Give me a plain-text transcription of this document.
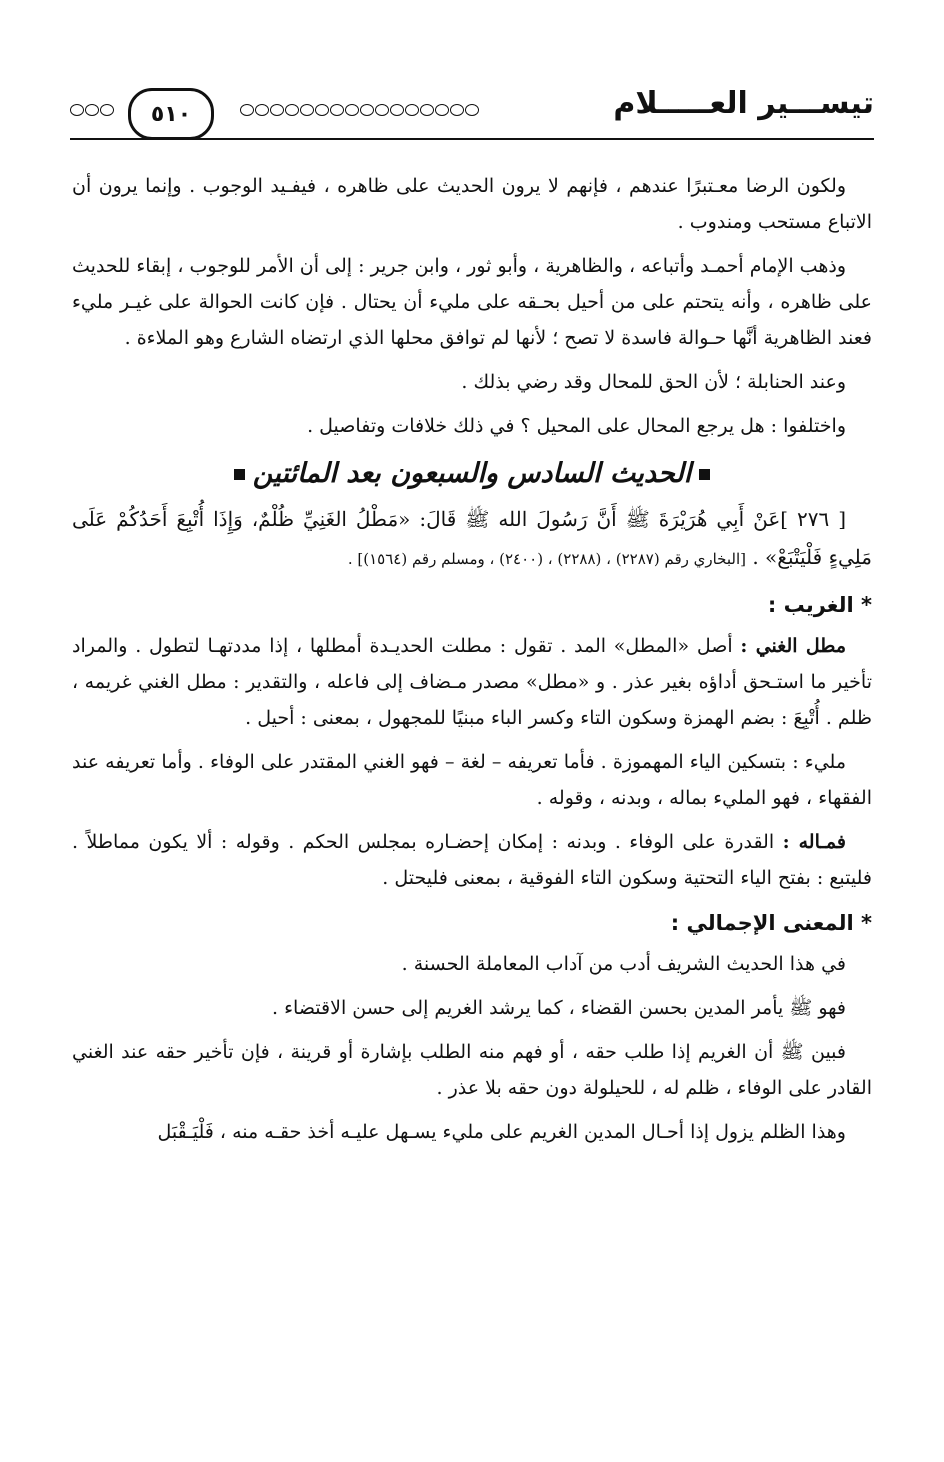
٥١٠	تيســـير العـــــلام

ولكون الرضا معـتبرًا عندهم ، فإنهم لا يرون الحديث على ظاهره ، فيفـيد الوجوب . وإنما يرون أن الاتباع مستحب ومندوب .

وذهب الإمام أحمـد وأتباعه ، والظاهرية ، وأبو ثور ، وابن جرير : إلى أن الأمر للوجوب ، إبقاء للحديث على ظاهره ، وأنه يتحتم على من أحيل بحـقه على مليء أن يحتال . فإن كانت الحوالة على غيـر مليء فعند الظاهرية أنَّها حـوالة فاسدة لا تصح ؛ لأنها لم توافق محلها الذي ارتضاه الشارع وهو الملاءة .

وعند الحنابلة ؛ لأن الحق للمحال وقد رضي بذلك .

واختلفوا : هل يرجع المحال على المحيل ؟ في ذلك خلافات وتفاصيل .

الحديث السادس والسبعون بعد المائتين

[ ٢٧٦ ]عَنْ أَبِي هُرَيْرَةَ ﷺ أَنَّ رَسُولَ الله ﷺ قَالَ: «مَطْلُ الغَنِيِّ ظُلْمٌ، وَإِذَا أُتْبِعَ أَحَدُكُمْ عَلَى مَلِيءٍ فَلْيَتْبَعْ» . [البخاري رقم (٢٢٨٧) ، (٢٢٨٨) ، (٢٤٠٠) ، ومسلم رقم (١٥٦٤)] .

* الغريب :

مطل الغني : أصل «المطل» المد . تقول : مطلت الحديـدة أمطلها ، إذا مددتهـا لتطول . والمراد تأخير ما استـحق أداؤه بغير عذر . و «مطل» مصدر مـضاف إلى فاعله ، والتقدير : مطل الغني غريمه ، ظلم . أُتْبِعَ : بضم الهمزة وسكون التاء وكسر الباء مبنيًا للمجهول ، بمعنى : أحيل .

مليء : بتسكين الياء المهموزة . فأما تعريفه – لغة – فهو الغني المقتدر على الوفاء . وأما تعريفه عند الفقهاء ، فهو المليء بماله ، وبدنه ، وقوله .

فمـاله : القدرة على الوفاء . وبدنه : إمكان إحضـاره بمجلس الحكم . وقوله : ألا يكون مماطلاً . فليتبع : بفتح الياء التحتية وسكون التاء الفوقية ، بمعنى فليحتل .

* المعنى الإجمالي :

في هذا الحديث الشريف أدب من آداب المعاملة الحسنة .

فهو ﷺ يأمر المدين بحسن القضاء ، كما يرشد الغريم إلى حسن الاقتضاء .

فبين ﷺ أن الغريم إذا طلب حقه ، أو فهم منه الطلب بإشارة أو قرينة ، فإن تأخير حقه عند الغني القادر على الوفاء ، ظلم له ، للحيلولة دون حقه بلا عذر .

وهذا الظلم يزول إذا أحـال المدين الغريم على مليء يسـهل عليـه أخذ حقـه منه ، فَلْيَـقْبَل
